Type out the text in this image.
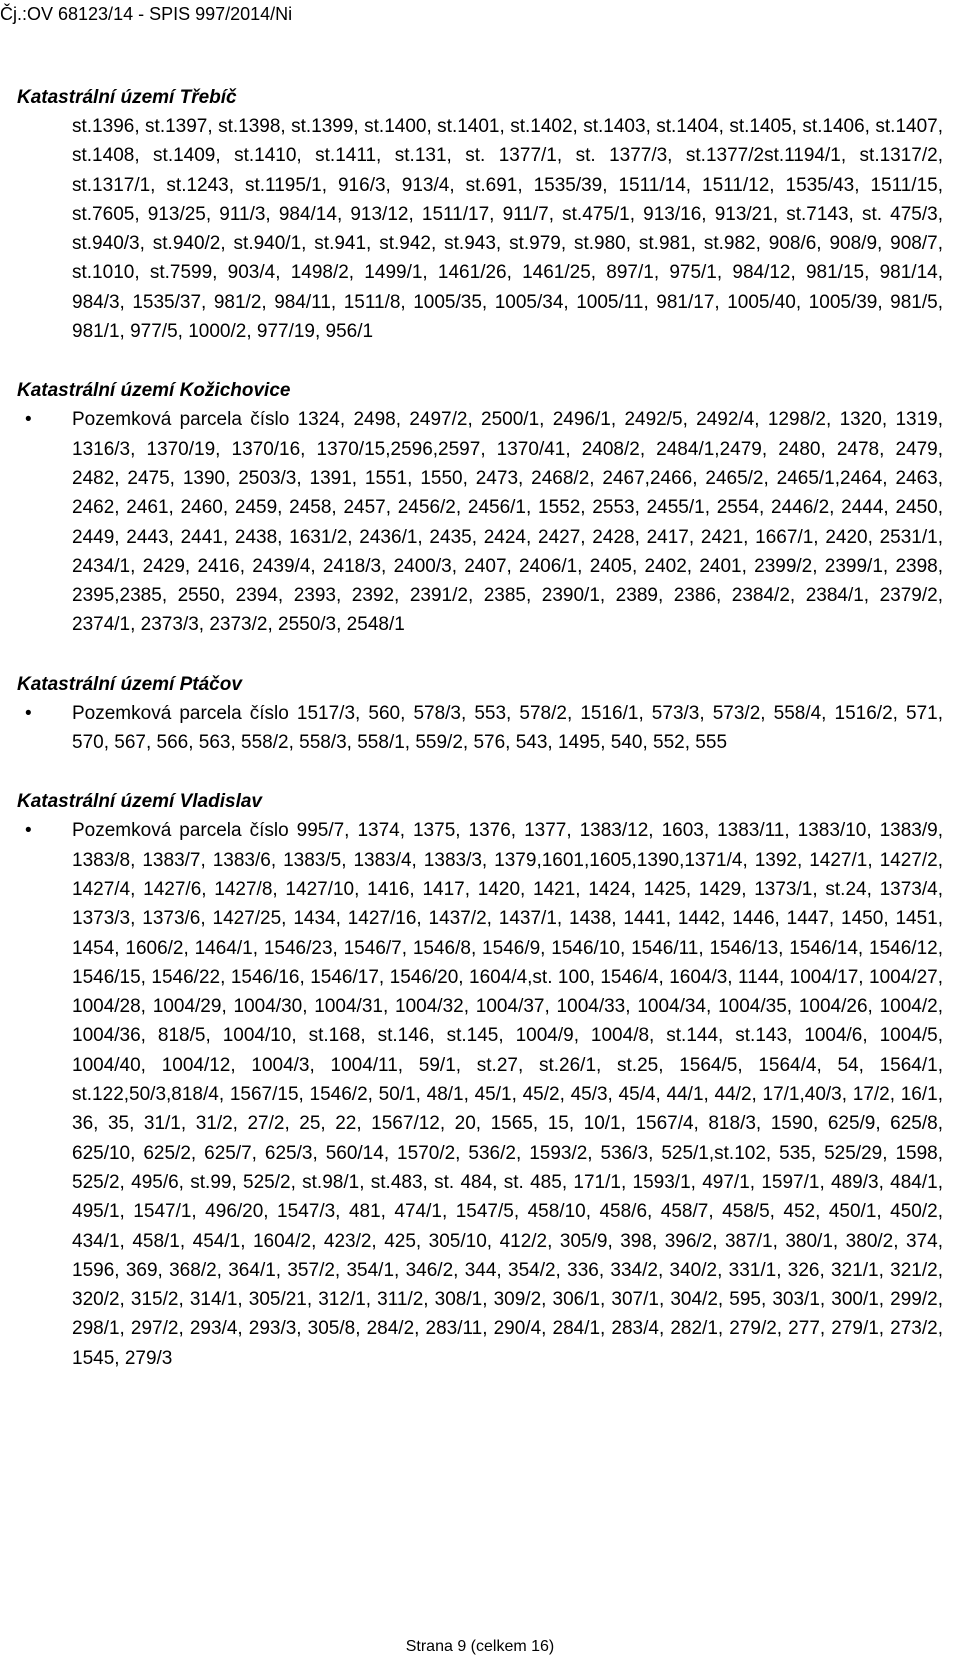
Čj.:OV 68123/14 - SPIS 997/2014/Ni

Katastrální území Třebíč

st.1396, st.1397, st.1398, st.1399, st.1400, st.1401, st.1402, st.1403, st.1404, st.1405, st.1406, st.1407, st.1408, st.1409, st.1410, st.1411, st.131, st. 1377/1, st. 1377/3, st.1377/2st.1194/1, st.1317/2, st.1317/1, st.1243, st.1195/1, 916/3, 913/4, st.691, 1535/39, 1511/14, 1511/12, 1535/43, 1511/15, st.7605, 913/25, 911/3, 984/14, 913/12, 1511/17, 911/7, st.475/1, 913/16, 913/21, st.7143, st. 475/3, st.940/3, st.940/2, st.940/1, st.941, st.942, st.943, st.979, st.980, st.981, st.982, 908/6, 908/9, 908/7, st.1010, st.7599, 903/4, 1498/2, 1499/1, 1461/26, 1461/25, 897/1, 975/1, 984/12, 981/15, 981/14, 984/3, 1535/37, 981/2, 984/11, 1511/8, 1005/35, 1005/34, 1005/11, 981/17, 1005/40, 1005/39, 981/5, 981/1, 977/5, 1000/2, 977/19, 956/1

Katastrální území Kožichovice

•	Pozemková parcela číslo 1324, 2498, 2497/2, 2500/1, 2496/1, 2492/5, 2492/4, 1298/2, 1320, 1319, 1316/3, 1370/19, 1370/16, 1370/15,2596,2597, 1370/41, 2408/2, 2484/1,2479, 2480, 2478, 2479, 2482, 2475, 1390, 2503/3, 1391, 1551, 1550, 2473, 2468/2, 2467,2466, 2465/2, 2465/1,2464, 2463, 2462, 2461, 2460, 2459, 2458, 2457, 2456/2, 2456/1, 1552, 2553, 2455/1, 2554, 2446/2, 2444, 2450, 2449, 2443, 2441, 2438, 1631/2, 2436/1, 2435, 2424, 2427, 2428, 2417, 2421, 1667/1, 2420, 2531/1, 2434/1, 2429, 2416, 2439/4, 2418/3, 2400/3, 2407, 2406/1, 2405, 2402, 2401, 2399/2, 2399/1, 2398, 2395,2385, 2550, 2394, 2393, 2392, 2391/2, 2385, 2390/1, 2389, 2386, 2384/2, 2384/1, 2379/2, 2374/1, 2373/3, 2373/2, 2550/3, 2548/1

Katastrální území Ptáčov

•	Pozemková parcela číslo 1517/3, 560, 578/3, 553, 578/2, 1516/1, 573/3, 573/2, 558/4, 1516/2, 571, 570, 567, 566, 563, 558/2, 558/3, 558/1, 559/2, 576, 543, 1495, 540, 552, 555

Katastrální území Vladislav

•	Pozemková parcela číslo 995/7, 1374, 1375, 1376, 1377, 1383/12, 1603, 1383/11, 1383/10, 1383/9, 1383/8, 1383/7, 1383/6, 1383/5, 1383/4, 1383/3, 1379,1601,1605,1390,1371/4, 1392, 1427/1, 1427/2, 1427/4, 1427/6, 1427/8, 1427/10, 1416, 1417, 1420, 1421, 1424, 1425, 1429, 1373/1, st.24, 1373/4, 1373/3, 1373/6, 1427/25, 1434, 1427/16, 1437/2, 1437/1, 1438, 1441, 1442, 1446, 1447, 1450, 1451, 1454, 1606/2, 1464/1, 1546/23, 1546/7, 1546/8, 1546/9, 1546/10, 1546/11, 1546/13, 1546/14, 1546/12, 1546/15, 1546/22, 1546/16, 1546/17, 1546/20, 1604/4,st. 100, 1546/4, 1604/3, 1144, 1004/17, 1004/27, 1004/28, 1004/29, 1004/30, 1004/31, 1004/32, 1004/37, 1004/33, 1004/34, 1004/35, 1004/26, 1004/2, 1004/36, 818/5, 1004/10, st.168, st.146, st.145, 1004/9, 1004/8, st.144, st.143, 1004/6, 1004/5, 1004/40, 1004/12, 1004/3, 1004/11, 59/1, st.27, st.26/1, st.25, 1564/5, 1564/4, 54, 1564/1, st.122,50/3,818/4, 1567/15, 1546/2, 50/1, 48/1, 45/1, 45/2, 45/3, 45/4, 44/1, 44/2, 17/1,40/3, 17/2, 16/1, 36, 35, 31/1, 31/2, 27/2, 25, 22, 1567/12, 20, 1565, 15, 10/1, 1567/4, 818/3, 1590, 625/9, 625/8, 625/10, 625/2, 625/7, 625/3, 560/14, 1570/2, 536/2, 1593/2, 536/3, 525/1,st.102, 535, 525/29, 1598, 525/2, 495/6, st.99, 525/2, st.98/1, st.483, st. 484, st. 485, 171/1, 1593/1, 497/1, 1597/1, 489/3, 484/1, 495/1, 1547/1, 496/20, 1547/3, 481, 474/1, 1547/5, 458/10, 458/6, 458/7, 458/5, 452, 450/1, 450/2, 434/1, 458/1, 454/1, 1604/2, 423/2, 425, 305/10, 412/2, 305/9, 398, 396/2, 387/1, 380/1, 380/2, 374, 1596, 369, 368/2, 364/1, 357/2, 354/1, 346/2, 344, 354/2, 336, 334/2, 340/2, 331/1, 326, 321/1, 321/2, 320/2, 315/2, 314/1, 305/21, 312/1, 311/2, 308/1, 309/2, 306/1, 307/1, 304/2, 595, 303/1, 300/1, 299/2, 298/1, 297/2, 293/4, 293/3, 305/8, 284/2, 283/11, 290/4, 284/1, 283/4, 282/1, 279/2, 277, 279/1, 273/2, 1545, 279/3
Strana 9 (celkem 16)
